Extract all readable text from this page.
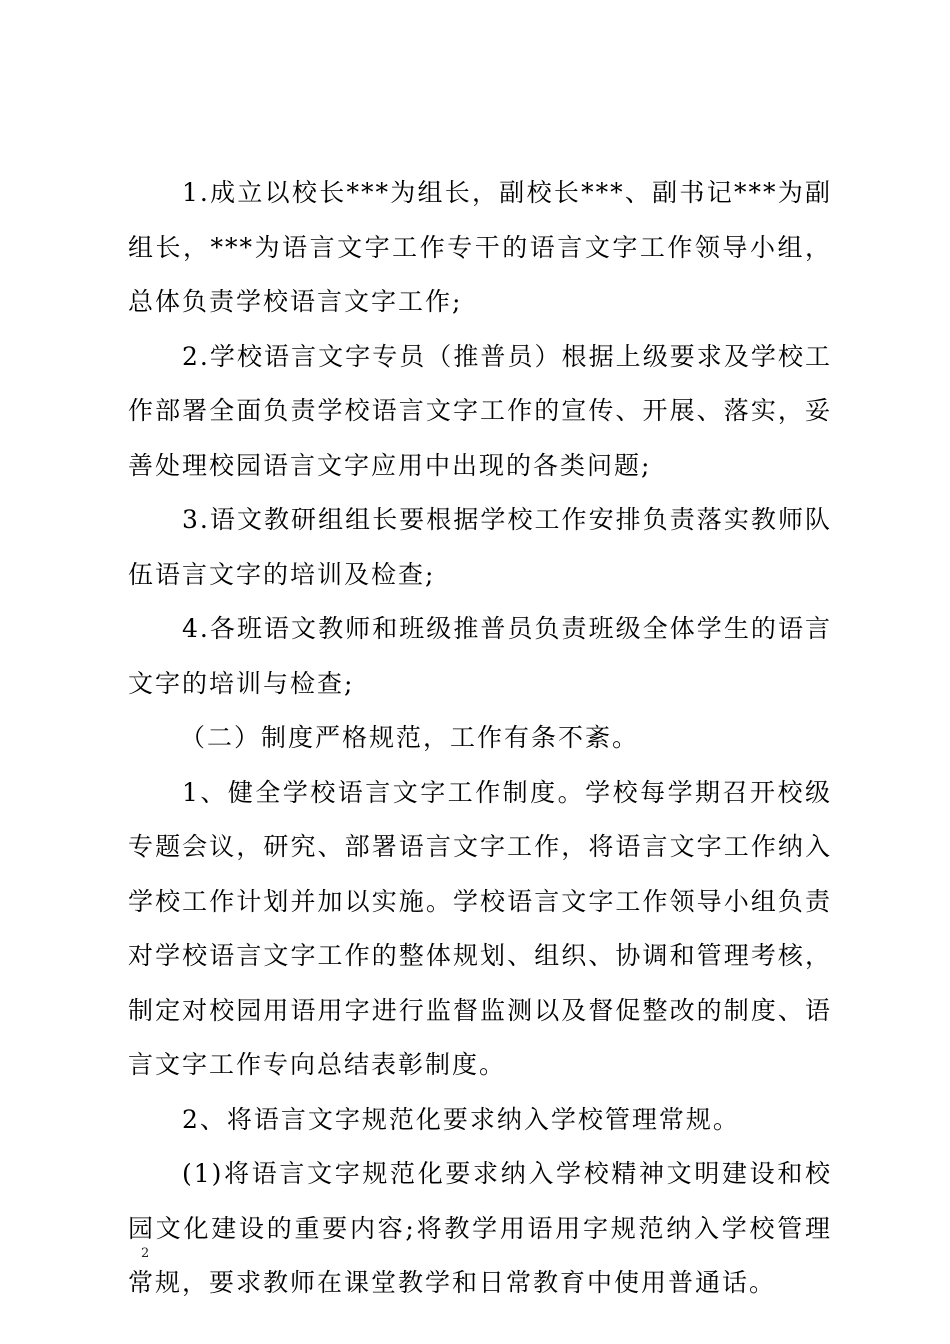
1.成立以校长***为组长，副校长***、副书记***为副组长，***为语言文字工作专干的语言文字工作领导小组，总体负责学校语言文字工作;

2.学校语言文字专员（推普员）根据上级要求及学校工作部署全面负责学校语言文字工作的宣传、开展、落实，妥善处理校园语言文字应用中出现的各类问题;

3.语文教研组组长要根据学校工作安排负责落实教师队伍语言文字的培训及检查;

4.各班语文教师和班级推普员负责班级全体学生的语言文字的培训与检查;

（二）制度严格规范，工作有条不紊。

1、健全学校语言文字工作制度。学校每学期召开校级专题会议，研究、部署语言文字工作，将语言文字工作纳入学校工作计划并加以实施。学校语言文字工作领导小组负责对学校语言文字工作的整体规划、组织、协调和管理考核，制定对校园用语用字进行监督监测以及督促整改的制度、语言文字工作专向总结表彰制度。

2、将语言文字规范化要求纳入学校管理常规。

(1)将语言文字规范化要求纳入学校精神文明建设和校园文化建设的重要内容;将教学用语用字规范纳入学校管理常规，要求教师在课堂教学和日常教育中使用普通话。

2
